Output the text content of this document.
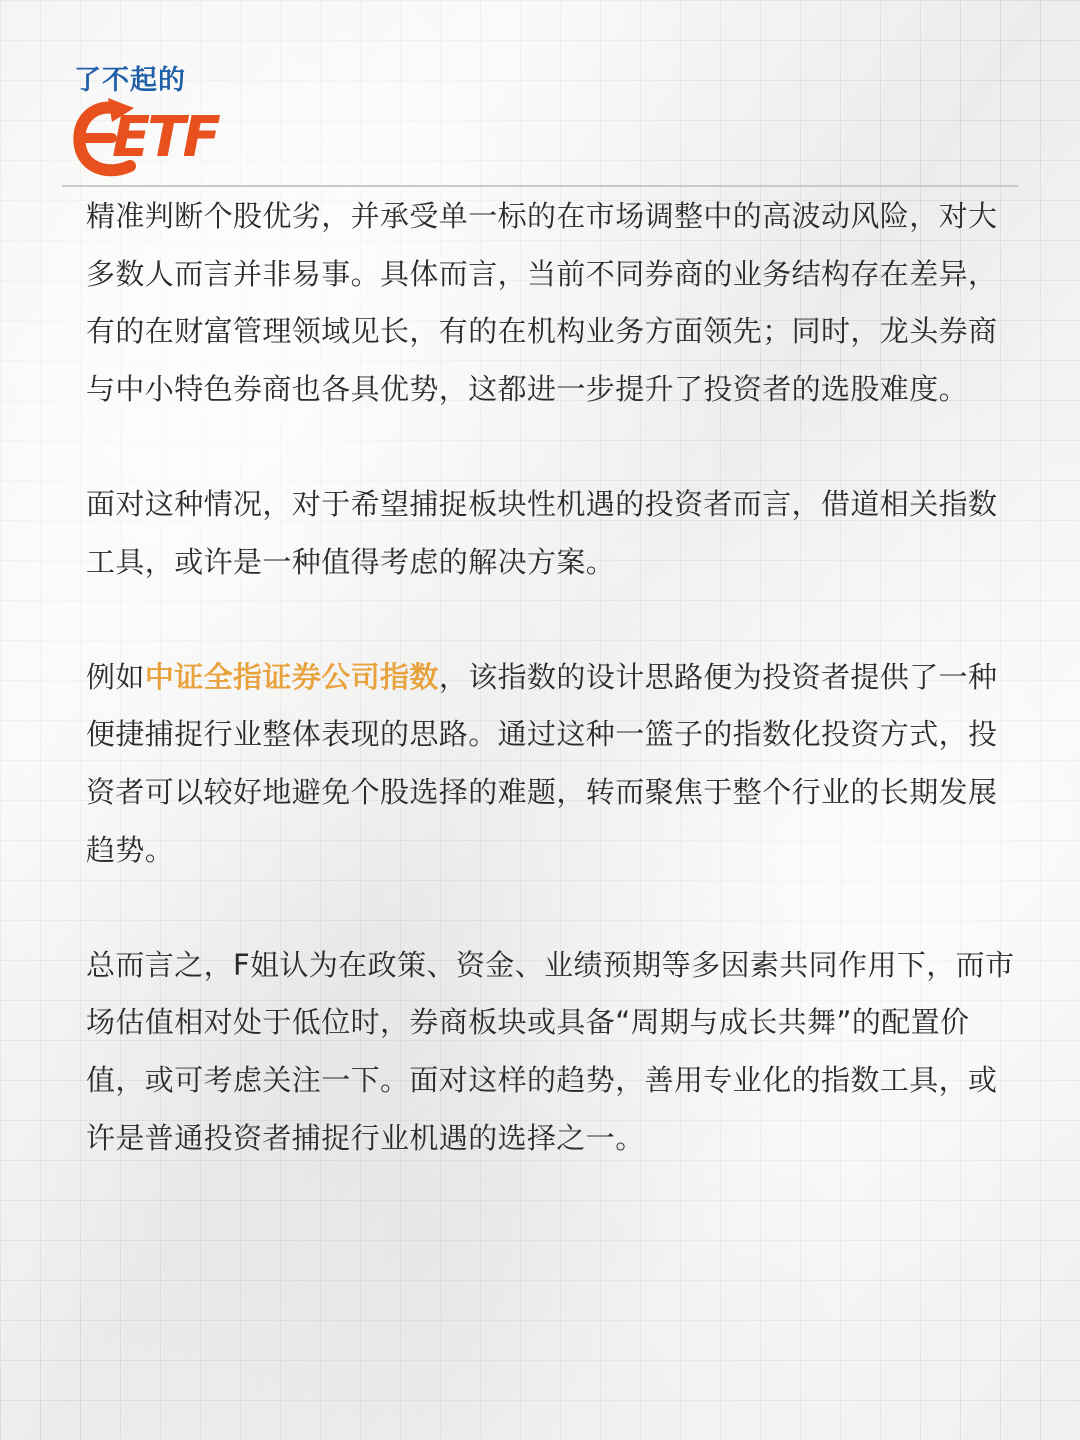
了不起的
ETF

精准判断个股优劣，并承受单一标的在市场调整中的高波动风险，对大多数人而言并非易事。具体而言，当前不同券商的业务结构存在差异，有的在财富管理领域见长，有的在机构业务方面领先；同时，龙头券商与中小特色券商也各具优势，这都进一步提升了投资者的选股难度。

面对这种情况，对于希望捕捉板块性机遇的投资者而言，借道相关指数工具，或许是一种值得考虑的解决方案。

例如中证全指证券公司指数，该指数的设计思路便为投资者提供了一种便捷捕捉行业整体表现的思路。通过这种一篮子的指数化投资方式，投资者可以较好地避免个股选择的难题，转而聚焦于整个行业的长期发展趋势。

总而言之，F姐认为在政策、资金、业绩预期等多因素共同作用下，而市场估值相对处于低位时，券商板块或具备“周期与成长共舞”的配置价值，或可考虑关注一下。面对这样的趋势，善用专业化的指数工具，或许是普通投资者捕捉行业机遇的选择之一。
